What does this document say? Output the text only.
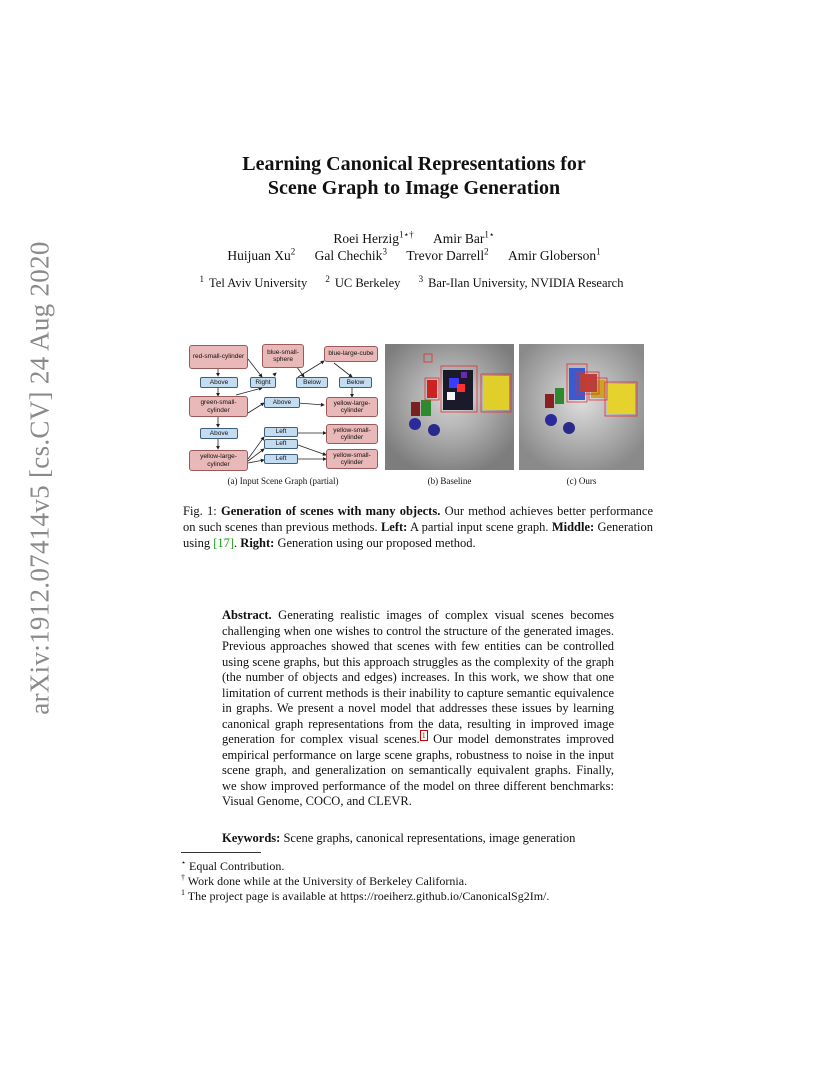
arXiv:1912.07414v5 [cs.CV] 24 Aug 2020
Learning Canonical Representations for
Scene Graph to Image Generation
Roei Herzig$^{1⋆\dagger}$ Amir Bar$^{1⋆}$
Huijuan Xu$^2$ Gal Chechik$^3$ Trevor Darrell$^2$ Amir Globerson$^1$
$^1$ Tel Aviv University $^2$ UC Berkeley $^3$ Bar-Ilan University, NVIDIA Research
red-small-cylinder
blue-small-sphere
blue-large-cube
Above	Right	Below	Below
green-small-cylinder
Above	yellow-large-cylinder
Above	Left	yellow-small-cylinder
Left
yellow-large-cylinder
Left	yellow-small-cylinder
(a) Input Scene Graph (partial)	(b) Baseline	(c) Ours
Fig. 1: Generation of scenes with many objects. Our method achieves better performance on such scenes than previous methods. Left: A partial input scene graph. Middle: Generation using [17]. Right: Generation using our proposed method.
Abstract. Generating realistic images of complex visual scenes becomes challenging when one wishes to control the structure of the generated images. Previous approaches showed that scenes with few entities can be controlled using scene graphs, but this approach struggles as the complexity of the graph (the number of objects and edges) increases. In this work, we show that one limitation of current methods is their inability to capture semantic equivalence in graphs. We present a novel model that addresses these issues by learning canonical graph representations from the data, resulting in improved image generation for complex visual scenes. $^1$ Our model demonstrates improved empirical performance on large scene graphs, robustness to noise in the input scene graph, and generalization on semantically equivalent graphs. Finally, we show improved performance of the model on three different benchmarks: Visual Genome, COCO, and CLEVR.
Keywords: Scene graphs, canonical representations, image generation
⋆ Equal Contribution.
† Work done while at the University of Berkeley California.
$^1$ The project page is available at https://roeiherz.github.io/CanonicalSg2Im/.
